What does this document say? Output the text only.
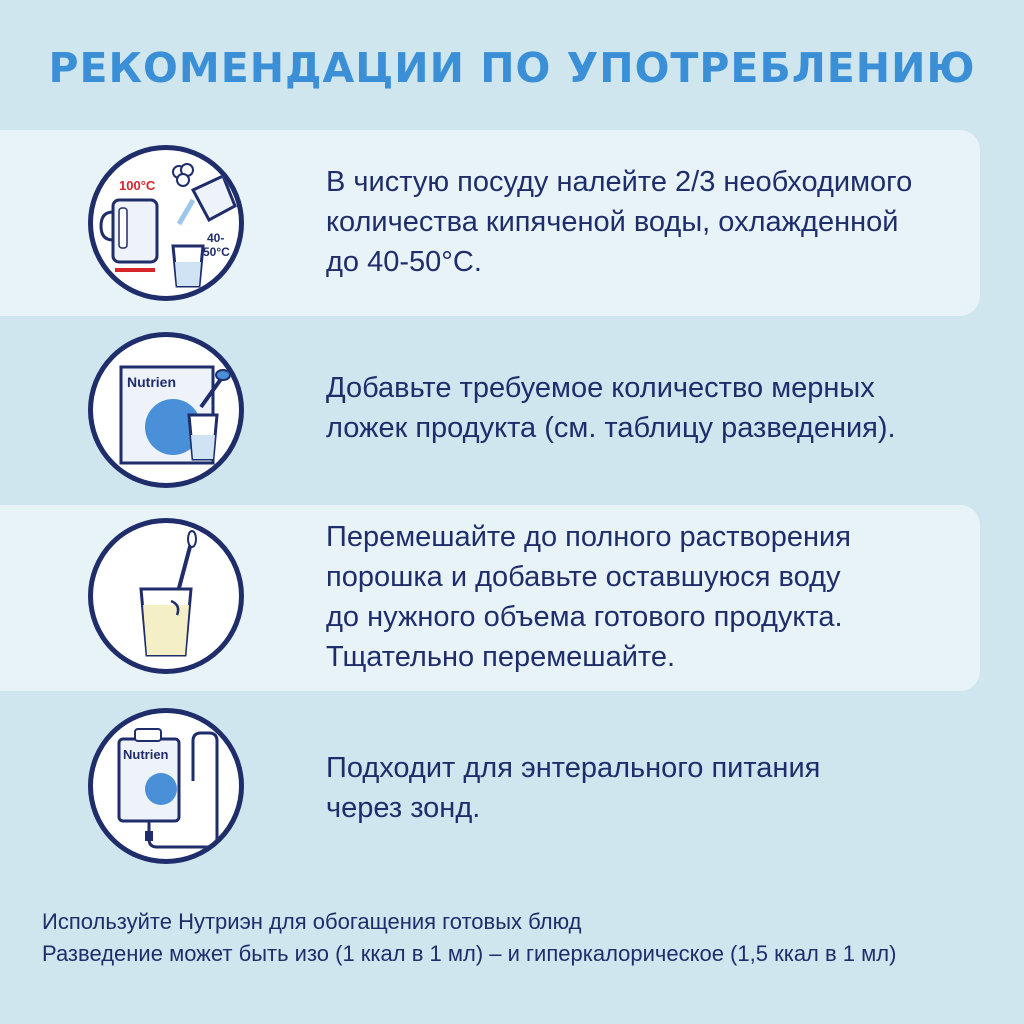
РЕКОМЕНДАЦИИ ПО УПОТРЕБЛЕНИЮ
100°C
40-
50°C
В чистую посуду налейте 2/3 необходимого
количества кипяченой воды, охлажденной
до 40-50°С.
Nutrien	Добавьте требуемое количество мерных
ложек продукта (см. таблицу разведения).
Перемешайте до полного растворения
порошка и добавьте оставшуюся воду
до нужного объема готового продукта.
Тщательно перемешайте.
Nutrien	Подходит для энтерального питания
через зонд.
Используйте Нутриэн для обогащения готовых блюд
Разведение может быть изо (1 ккал в 1 мл) – и гиперкалорическое (1,5 ккал в 1 мл)
